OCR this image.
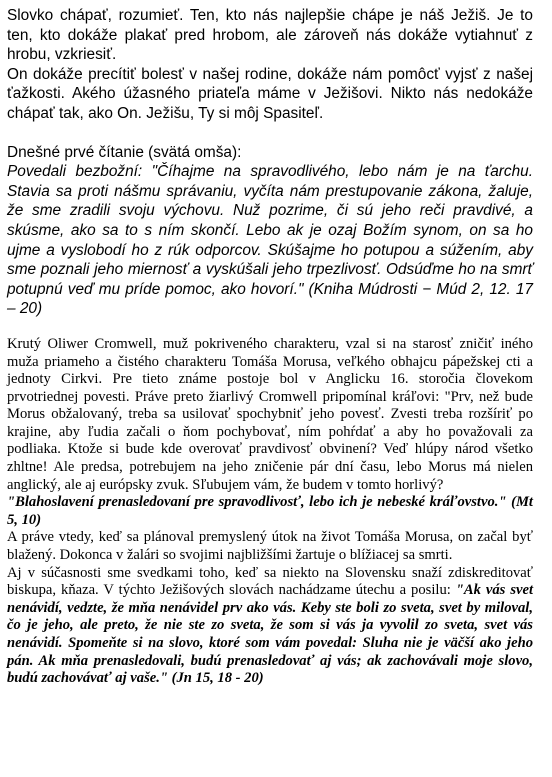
Slovko chápať, rozumieť. Ten, kto nás najlepšie chápe je náš Ježiš. Je to ten, kto dokáže plakať pred hrobom, ale zároveň nás dokáže vytiahnuť z hrobu, vzkriesiť.

On dokáže precítiť bolesť v našej rodine, dokáže nám pomôcť vyjsť z našej ťažkosti. Akého úžasného priateľa máme v Ježišovi. Nikto nás nedokáže chápať tak, ako On. Ježišu, Ty si môj Spasiteľ.

Dnešné prvé čítanie (svätá omša):

Povedali bezbožní: "Číhajme na spravodlivého, lebo nám je na ťarchu. Stavia sa proti nášmu správaniu, vyčíta nám prestupovanie zákona, žaluje, že sme zradili svoju výchovu. Nuž pozrime, či sú jeho reči pravdivé, a skúsme, ako sa to s ním skončí. Lebo ak je ozaj Božím synom, on sa ho ujme a vyslobodí ho z rúk odporcov. Skúšajme ho potupou a súžením, aby sme poznali jeho miernosť a vyskúšali jeho trpezlivosť. Odsúďme ho na smrť potupnú veď mu príde pomoc, ako hovorí." (Kniha Múdrosti − Múd 2, 12. 17 – 20)

Krutý Oliwer Cromwell, muž pokriveného charakteru, vzal si na starosť zničiť iného muža priameho a čistého charakteru Tomáša Morusa, veľkého obhajcu pápežskej cti a jednoty Cirkvi. Pre tieto známe postoje bol v Anglicku 16. storočia človekom prvotriednej povesti. Práve preto žiarlivý Cromwell pripomínal kráľovi: "Prv, než bude Morus obžalovaný, treba sa usilovať spochybniť jeho povesť. Zvesti treba rozšíriť po krajine, aby ľudia začali o ňom pochybovať, ním pohŕdať a aby ho považovali za podliaka. Ktože si bude kde overovať pravdivosť obvinení? Veď hlúpy národ všetko zhltne! Ale predsa, potrebujem na jeho zničenie pár dní času, lebo Morus má nielen anglický, ale aj európsky zvuk. Sľubujem vám, že budem v tomto horlivý?

"Blahoslavení prenasledovaní pre spravodlivosť, lebo ich je nebeské kráľovstvo." (Mt 5, 10)

A práve vtedy, keď sa plánoval premyslený útok na život Tomáša Morusa, on začal byť blažený. Dokonca v žalári so svojimi najbližšími žartuje o blížiacej sa smrti.

Aj v súčasnosti sme svedkami toho, keď sa niekto na Slovensku snaží zdiskreditovať biskupa, kňaza. V týchto Ježišových slovách nachádzame útechu a posilu: "Ak vás svet nenávidí, vedzte, že mňa nenávidel prv ako vás. Keby ste boli zo sveta, svet by miloval, čo je jeho, ale preto, že nie ste zo sveta, že som si vás ja vyvolil zo sveta, svet vás nenávidí. Spomeňte si na slovo, ktoré som vám povedal: Sluha nie je väčší ako jeho pán. Ak mňa prenasledovali, budú prenasledovať aj vás; ak zachovávali moje slovo, budú zachovávať aj vaše." (Jn 15, 18 - 20)
